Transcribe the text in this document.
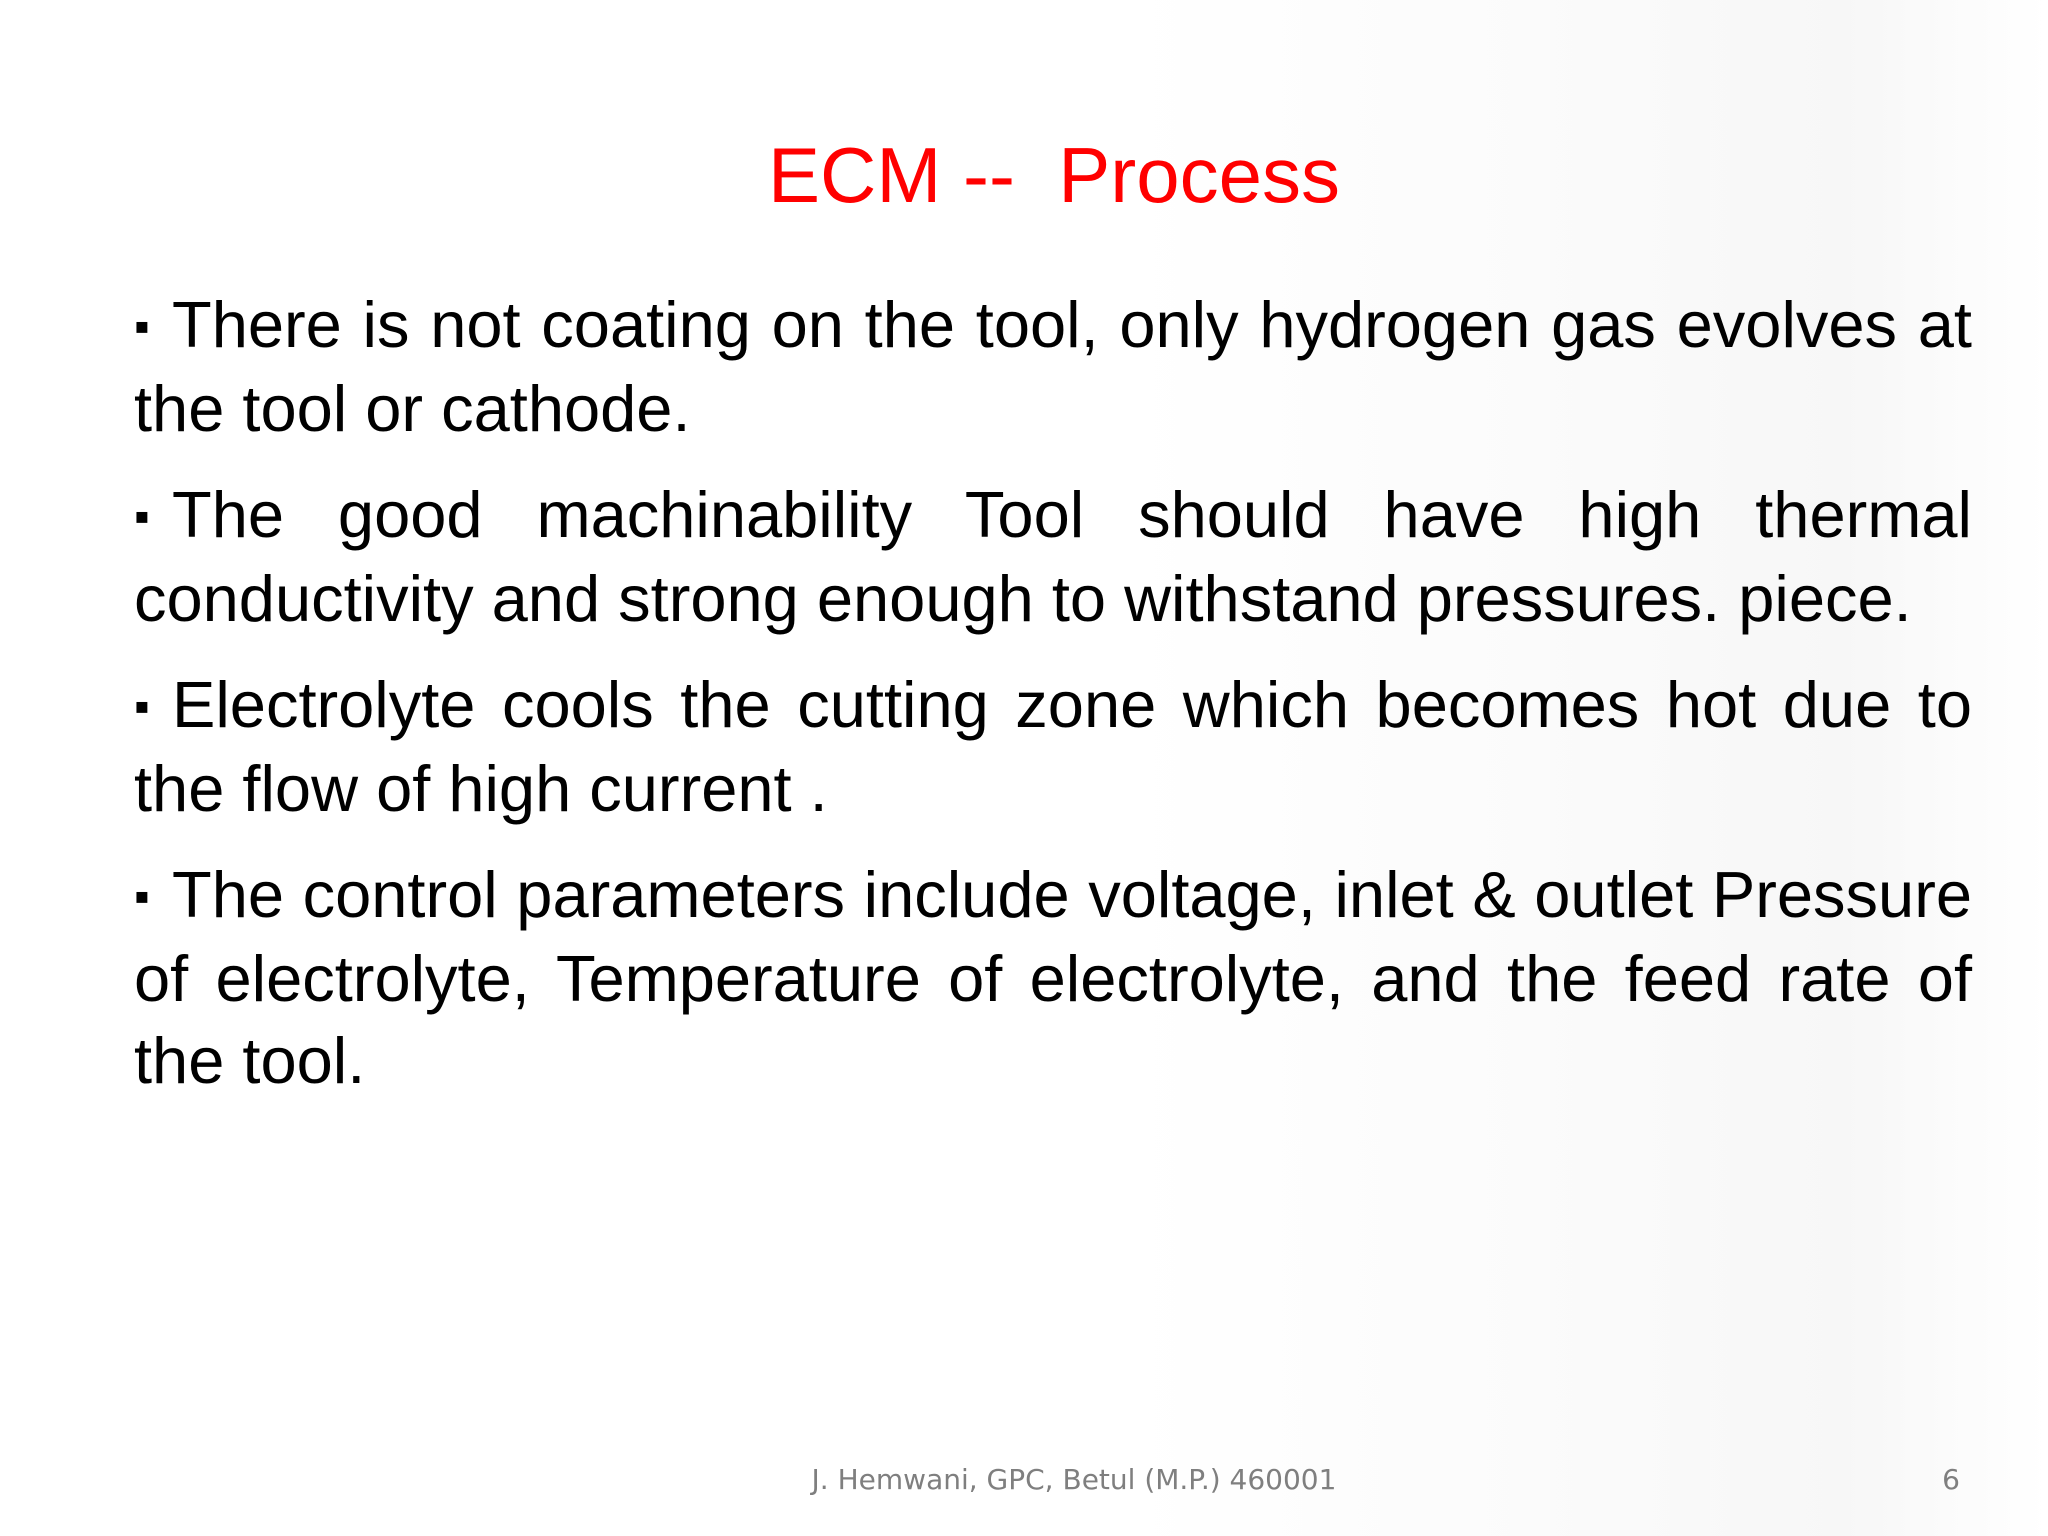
ECM --  Process

▪ There is not coating on the tool, only hydrogen gas evolves at the tool or cathode.

▪ The good machinability Tool should have high thermal conductivity and strong enough to withstand pressures. piece.

▪ Electrolyte cools the cutting zone which becomes hot due to the flow of high current .

▪ The control parameters include voltage, inlet & outlet Pressure of electrolyte, Temperature of electrolyte, and the feed rate of the tool.

J. Hemwani, GPC, Betul (M.P.) 460001	6
